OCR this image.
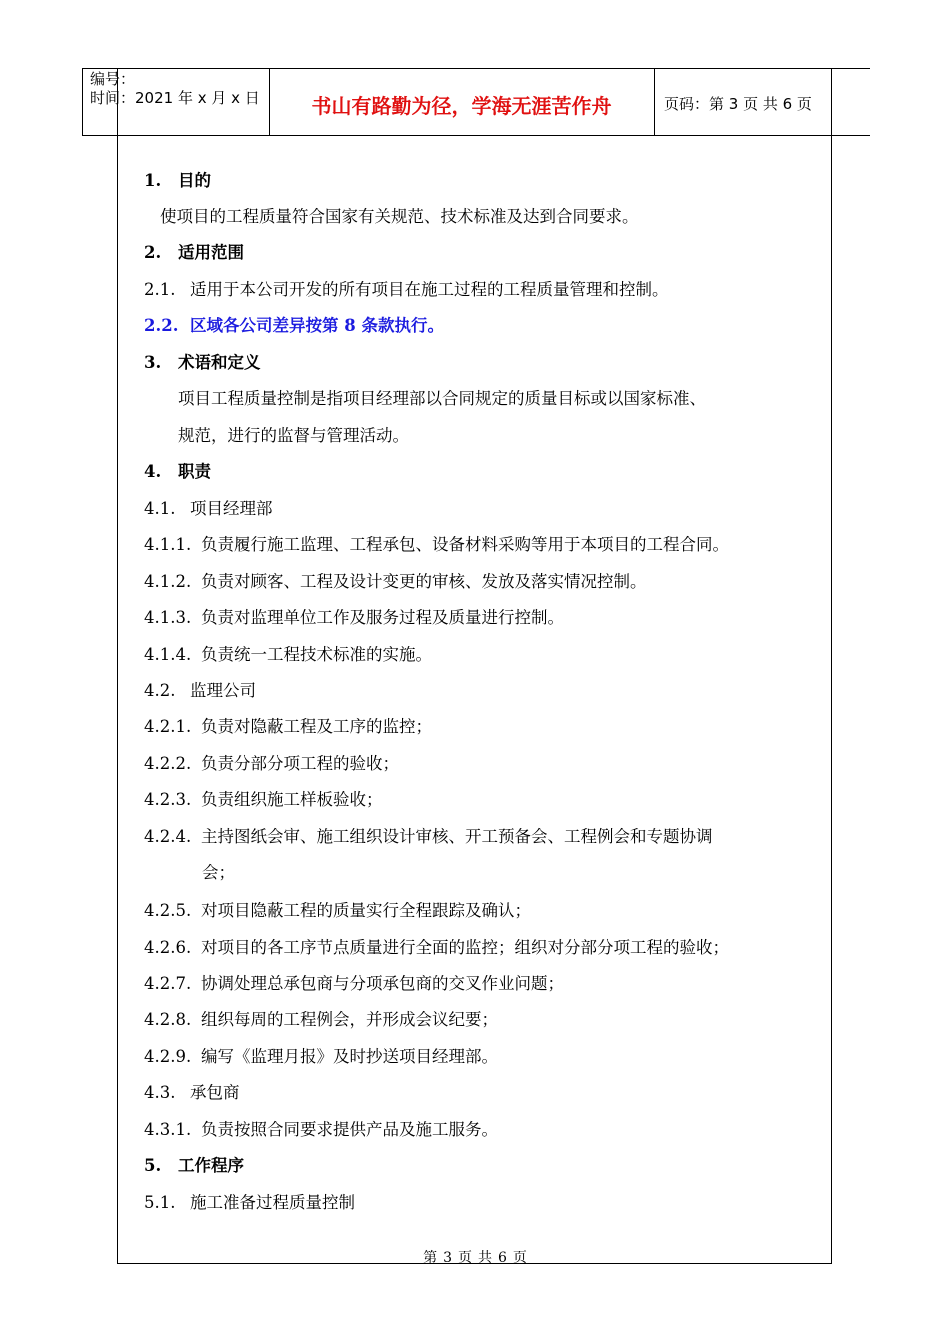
编号：
时间：2021 年 x 月 x 日	书山有路勤为径，学海无涯苦作舟	页码：第 3 页 共 6 页
1. 目的
使项目的工程质量符合国家有关规范、技术标准及达到合同要求。
2. 适用范围
2.1. 适用于本公司开发的所有项目在施工过程的工程质量管理和控制。
2.2. 区域各公司差异按第 8 条款执行。
3. 术语和定义
项目工程质量控制是指项目经理部以合同规定的质量目标或以国家标准、
规范，进行的监督与管理活动。
4. 职责
4.1. 项目经理部
4.1.1. 负责履行施工监理、工程承包、设备材料采购等用于本项目的工程合同。
4.1.2. 负责对顾客、工程及设计变更的审核、发放及落实情况控制。
4.1.3. 负责对监理单位工作及服务过程及质量进行控制。
4.1.4. 负责统一工程技术标准的实施。
4.2. 监理公司
4.2.1. 负责对隐蔽工程及工序的监控；
4.2.2. 负责分部分项工程的验收；
4.2.3. 负责组织施工样板验收；
4.2.4. 主持图纸会审、施工组织设计审核、开工预备会、工程例会和专题协调
会；
4.2.5. 对项目隐蔽工程的质量实行全程跟踪及确认；
4.2.6. 对项目的各工序节点质量进行全面的监控；组织对分部分项工程的验收；
4.2.7. 协调处理总承包商与分项承包商的交叉作业问题；
4.2.8. 组织每周的工程例会，并形成会议纪要；
4.2.9. 编写《监理月报》及时抄送项目经理部。
4.3. 承包商
4.3.1. 负责按照合同要求提供产品及施工服务。
5. 工作程序
5.1. 施工准备过程质量控制
第 3 页 共 6 页
